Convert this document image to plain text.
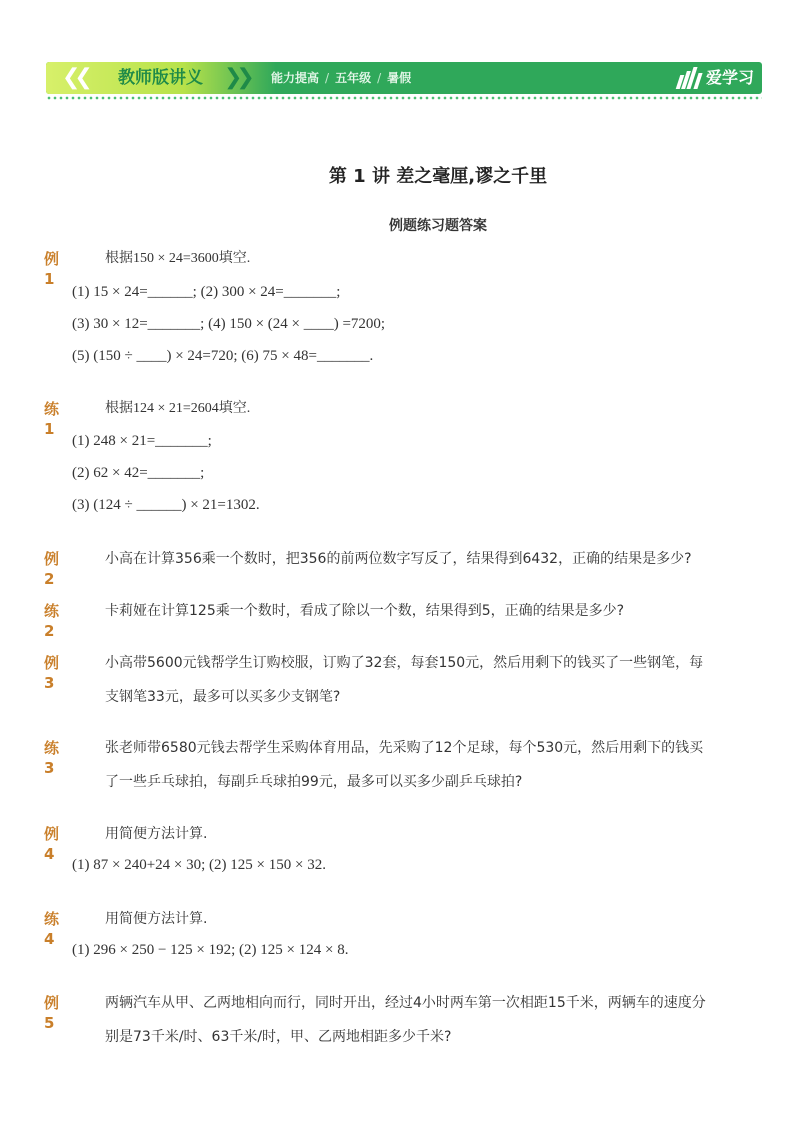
❮❮ 教师版讲义 ❯❯ 能力提高 / 五年级 / 暑假	爱学习
第 1 讲 差之毫厘,谬之千里
例题练习题答案
例1
根据150 × 24=3600填空.
(1) 15 × 24=______; (2) 300 × 24=_______;
(3) 30 × 12=_______; (4) 150 × (24 × ____) =7200;
(5) (150 ÷ ____) × 24=720; (6) 75 × 48=_______.
练1
根据124 × 21=2604填空.
(1) 248 × 21=_______;
(2) 62 × 42=_______;
(3) (124 ÷ ______) × 21=1302.
例2
小高在计算356乘一个数时，把356的前两位数字写反了，结果得到6432，正确的结果是多少?
练2
卡莉娅在计算125乘一个数时，看成了除以一个数，结果得到5，正确的结果是多少?
例3
小高带5600元钱帮学生订购校服，订购了32套，每套150元，然后用剩下的钱买了一些钢笔，每
支钢笔33元，最多可以买多少支钢笔?
练3
张老师带6580元钱去帮学生采购体育用品，先采购了12个足球，每个530元，然后用剩下的钱买
了一些乒乓球拍，每副乒乓球拍99元，最多可以买多少副乒乓球拍?
例4
用简便方法计算.
(1) 87 × 240+24 × 30; (2) 125 × 150 × 32.
练4
用简便方法计算.
(1) 296 × 250 − 125 × 192; (2) 125 × 124 × 8.
例5
两辆汽车从甲、乙两地相向而行，同时开出，经过4小时两车第一次相距15千米，两辆车的速度分
别是73千米/时、63千米/时，甲、乙两地相距多少千米?
